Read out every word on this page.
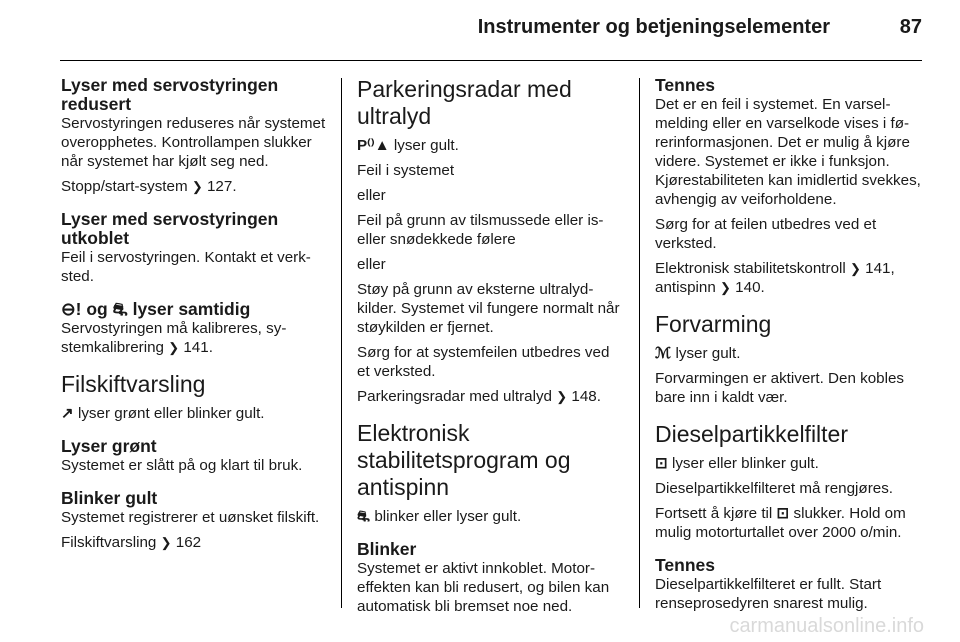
Instrumenter og betjeningselementer	87
Lyser med servostyringen redusert

Servostyringen reduseres når systemet overopphetes. Kontrollampen slukker når systemet har kjølt seg ned.

Stopp/start-system ❯ 127.

Lyser med servostyringen utkoblet

Feil i servostyringen. Kontakt et verksted.

⊖! og ⛐ lyser samtidig

Servostyringen må kalibreres, systemkalibrering ❯ 141.

Filskiftvarsling

↗ lyser grønt eller blinker gult.

Lyser grønt

Systemet er slått på og klart til bruk.

Blinker gult

Systemet registrerer et uønsket filskift.

Filskiftvarsling ❯ 162

Parkeringsradar med ultralyd

P⁽⁾▲ lyser gult.

Feil i systemet

eller

Feil på grunn av tilsmussede eller iseller snødekkede følere

eller

Støy på grunn av eksterne ultralydkilder. Systemet vil fungere normalt når støykilden er fjernet.

Sørg for at systemfeilen utbedres ved et verksted.

Parkeringsradar med ultralyd ❯ 148.

Elektronisk stabilitetsprogram og antispinn

⛐ blinker eller lyser gult.

Blinker

Systemet er aktivt innkoblet. Motoreffekten kan bli redusert, og bilen kan automatisk bli bremset noe ned.

Tennes

Det er en feil i systemet. En varselmelding eller en varselkode vises i førerinformasjonen. Det er mulig å kjøre videre. Systemet er ikke i funksjon. Kjørestabiliteten kan imidlertid svekkes, avhengig av veiforholdene.

Sørg for at feilen utbedres ved et verksted.

Elektronisk stabilitetskontroll ❯ 141,
antispinn ❯ 140.

Forvarming

ℳ lyser gult.

Forvarmingen er aktivert. Den kobles bare inn i kaldt vær.

Dieselpartikkelfilter

⊡ lyser eller blinker gult.

Dieselpartikkelfilteret må rengjøres.

Fortsett å kjøre til ⊡ slukker. Hold om mulig motorturtallet over 2000 o/min.

Tennes

Dieselpartikkelfilteret er fullt. Start renseprosedyren snarest mulig.

carmanualsonline.info
